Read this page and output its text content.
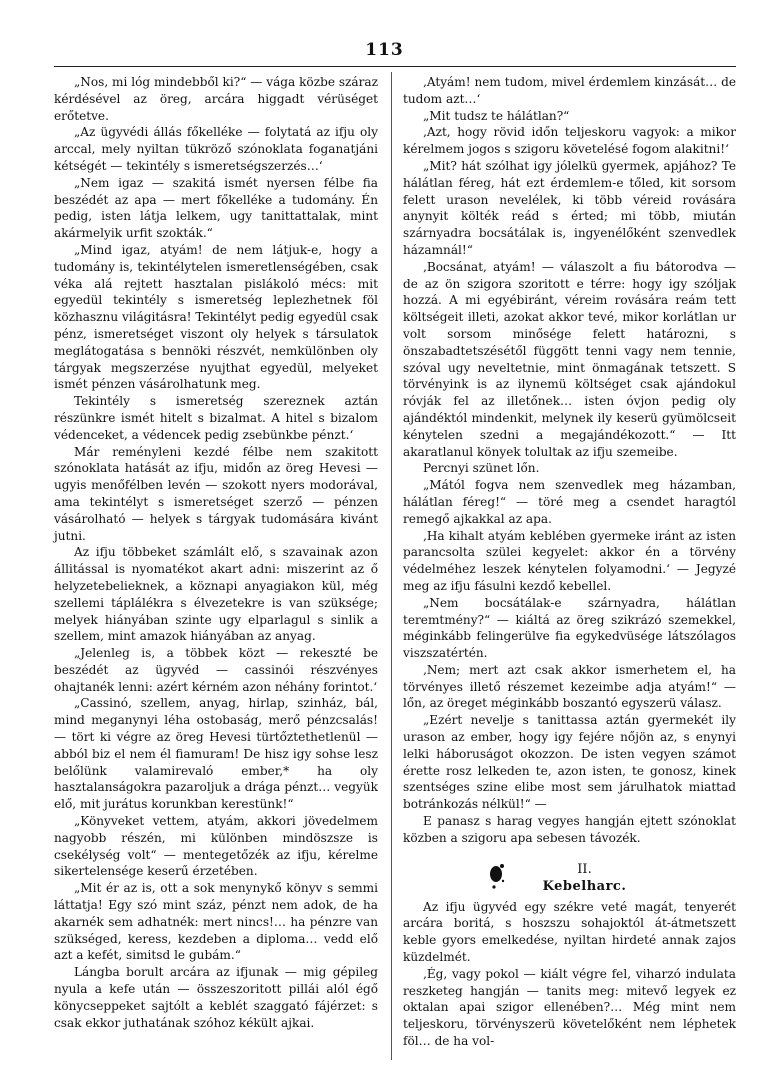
113

„Nos, mi lóg mindebből ki?“ — vága közbe száraz kérdésével az öreg, arcára higgadt vérüséget erőtetve.

„Az ügyvédi állás főkelléke — folytatá az ifju oly arccal, mely nyiltan tükröző szónoklata foganatjáni kétségét — tekintély s ismeretségszerzés…‘

„Nem igaz — szakitá ismét nyersen félbe fia beszédét az apa — mert főkelléke a tudomány. Én pedig, isten látja lelkem, ugy tanittattalak, mint akármelyik urfit szokták.“

„Mind igaz, atyám! de nem látjuk-e, hogy a tudomány is, tekintélytelen ismeretlenségében, csak véka alá rejtett hasztalan pislákoló mécs: mit egyedül tekintély s ismeretség leplezhetnek föl közhasznu világitásra! Tekintélyt pedig egyedül csak pénz, ismeretséget viszont oly helyek s társulatok meglátogatása s bennöki részvét, nemkülönben oly tárgyak megszerzése nyujthat egyedül, melyeket ismét pénzen vásárolhatunk meg.

Tekintély s ismeretség szereznek aztán részünkre ismét hitelt s bizalmat. A hitel s bizalom védenceket, a védencek pedig zsebünkbe pénzt.‘

Már reményleni kezdé félbe nem szakitott szónoklata hatását az ifju, midőn az öreg Hevesi — ugyis menőfélben levén — szokott nyers modorával, ama tekintélyt s ismeretséget szerző — pénzen vásárolható — helyek s tárgyak tudomására kivánt jutni.

Az ifju többeket számlált elő, s szavainak azon állitással is nyomatékot akart adni: miszerint az ő helyzetebelieknek, a köznapi anyagiakon kül, még szellemi táplálékra s élvezetekre is van szüksége; melyek hiányában szinte ugy elparlagul s sinlik a szellem, mint amazok hiányában az anyag.

„Jelenleg is, a többek közt — rekeszté be beszédét az ügyvéd — cassinói részvényes ohajtanék lenni: azért kérném azon néhány forintot.‘

„Cassinó, szellem, anyag, hirlap, szinház, bál, mind meganynyi léha ostobaság, merő pénzcsalás! — tört ki végre az öreg Hevesi türtőztethetlenül — abból biz el nem él fiamuram! De hisz igy sohse lesz belőlünk valamirevaló ember,* ha oly hasztalanságokra pazaroljuk a drága pénzt… vegyük elő, mit jurátus korunkban kerestünk!“

„Könyveket vettem, atyám, akkori jövedelmem nagyobb részén, mi különben mindöszsze is csekélység volt“ — mentegetőzék az ifju, kérelme sikertelensége keserű érzetében.

„Mit ér az is, ott a sok menynykő könyv s semmi láttatja! Egy szó mint száz, pénzt nem adok, de ha akarnék sem adhatnék: mert nincs!… ha pénzre van szükséged, keress, kezdeben a diploma… vedd elő azt a kefét, simitsd le gubám.“

Lángba borult arcára az ifjunak — mig gépileg nyula a kefe után — összeszoritott pillái alól égő könycseppeket sajtólt a keblét szaggató fájérzet: s csak ekkor juthatának szóhoz kékült ajkai.

‚Atyám! nem tudom, mivel érdemlem kinzását… de tudom azt…‘

„Mit tudsz te hálátlan?“

‚Azt, hogy rövid időn teljeskoru vagyok: a mikor kérelmem jogos s szigoru követelésé fogom alakitni!‘

„Mit? hát szólhat igy jólelkü gyermek, apjához? Te hálátlan féreg, hát ezt érdemlem-e tőled, kit sorsom felett urason nevelélek, ki több véreid rovására anynyit költék reád s érted; mi több, miután szárnyadra bocsátálak is, ingyenélőként szenvedlek házamnál!“

‚Bocsánat, atyám! — válaszolt a fiu bátorodva — de az ön szigora szoritott e térre: hogy igy szóljak hozzá. A mi egyébiránt, véreim rovására reám tett költségeit illeti, azokat akkor tevé, mikor korlátlan ur volt sorsom minősége felett határozni, s önszabadtetszésétől függött tenni vagy nem tennie, szóval ugy neveltetnie, mint önmagának tetszett. S törvényink is az ilynemü költséget csak ajándokul róvják fel az illetőnek… isten óvjon pedig oly ajándéktól mindenkit, melynek ily keserü gyümölcseit kénytelen szedni a megajándékozott.“ — Itt akaratlanul könyek tolultak az ifju szemeibe.

Percnyi szünet lőn.

„Mától fogva nem szenvedlek meg házamban, hálátlan féreg!“ — töré meg a csendet haragtól remegő ajkakkal az apa.

‚Ha kihalt atyám keblében gyermeke iránt az isten parancsolta szülei kegyelet: akkor én a törvény védelméhez leszek kénytelen folyamodni.‘ — Jegyzé meg az ifju fásulni kezdő kebellel.

„Nem bocsátálak-e szárnyadra, hálátlan teremtmény?“ — kiáltá az öreg szikrázó szemekkel, méginkább felingerülve fia egykedvüsége látszólagos viszszatértén.

‚Nem; mert azt csak akkor ismerhetem el, ha törvényes illető részemet kezeimbe adja atyám!“ — lőn, az öreget méginkább boszantó egyszerü válasz.

„Ezért nevelje s tanittassa aztán gyermekét ily urason az ember, hogy igy fejére nőjön az, s enynyi lelki háboruságot okozzon. De isten vegyen számot érette rosz lelkeden te, azon isten, te gonosz, kinek szentséges szine elibe most sem járulhatok miattad botránkozás nélkül!“ —

E panasz s harag vegyes hangján ejtett szónoklat közben a szigoru apa sebesen távozék.

II.
Kebelharc.

Az ifju ügyvéd egy székre veté magát, tenyerét arcára boritá, s hoszszu sohajoktól át-átmetszett keble gyors emelkedése, nyiltan hirdeté annak zajos küzdelmét.

‚Ég, vagy pokol — kiált végre fel, viharzó indulata reszketeg hangján — tanits meg: mitevő legyek ez oktalan apai szigor ellenében?… Még mint nem teljeskoru, törvényszerü követelőként nem léphetek föl… de ha vol-
